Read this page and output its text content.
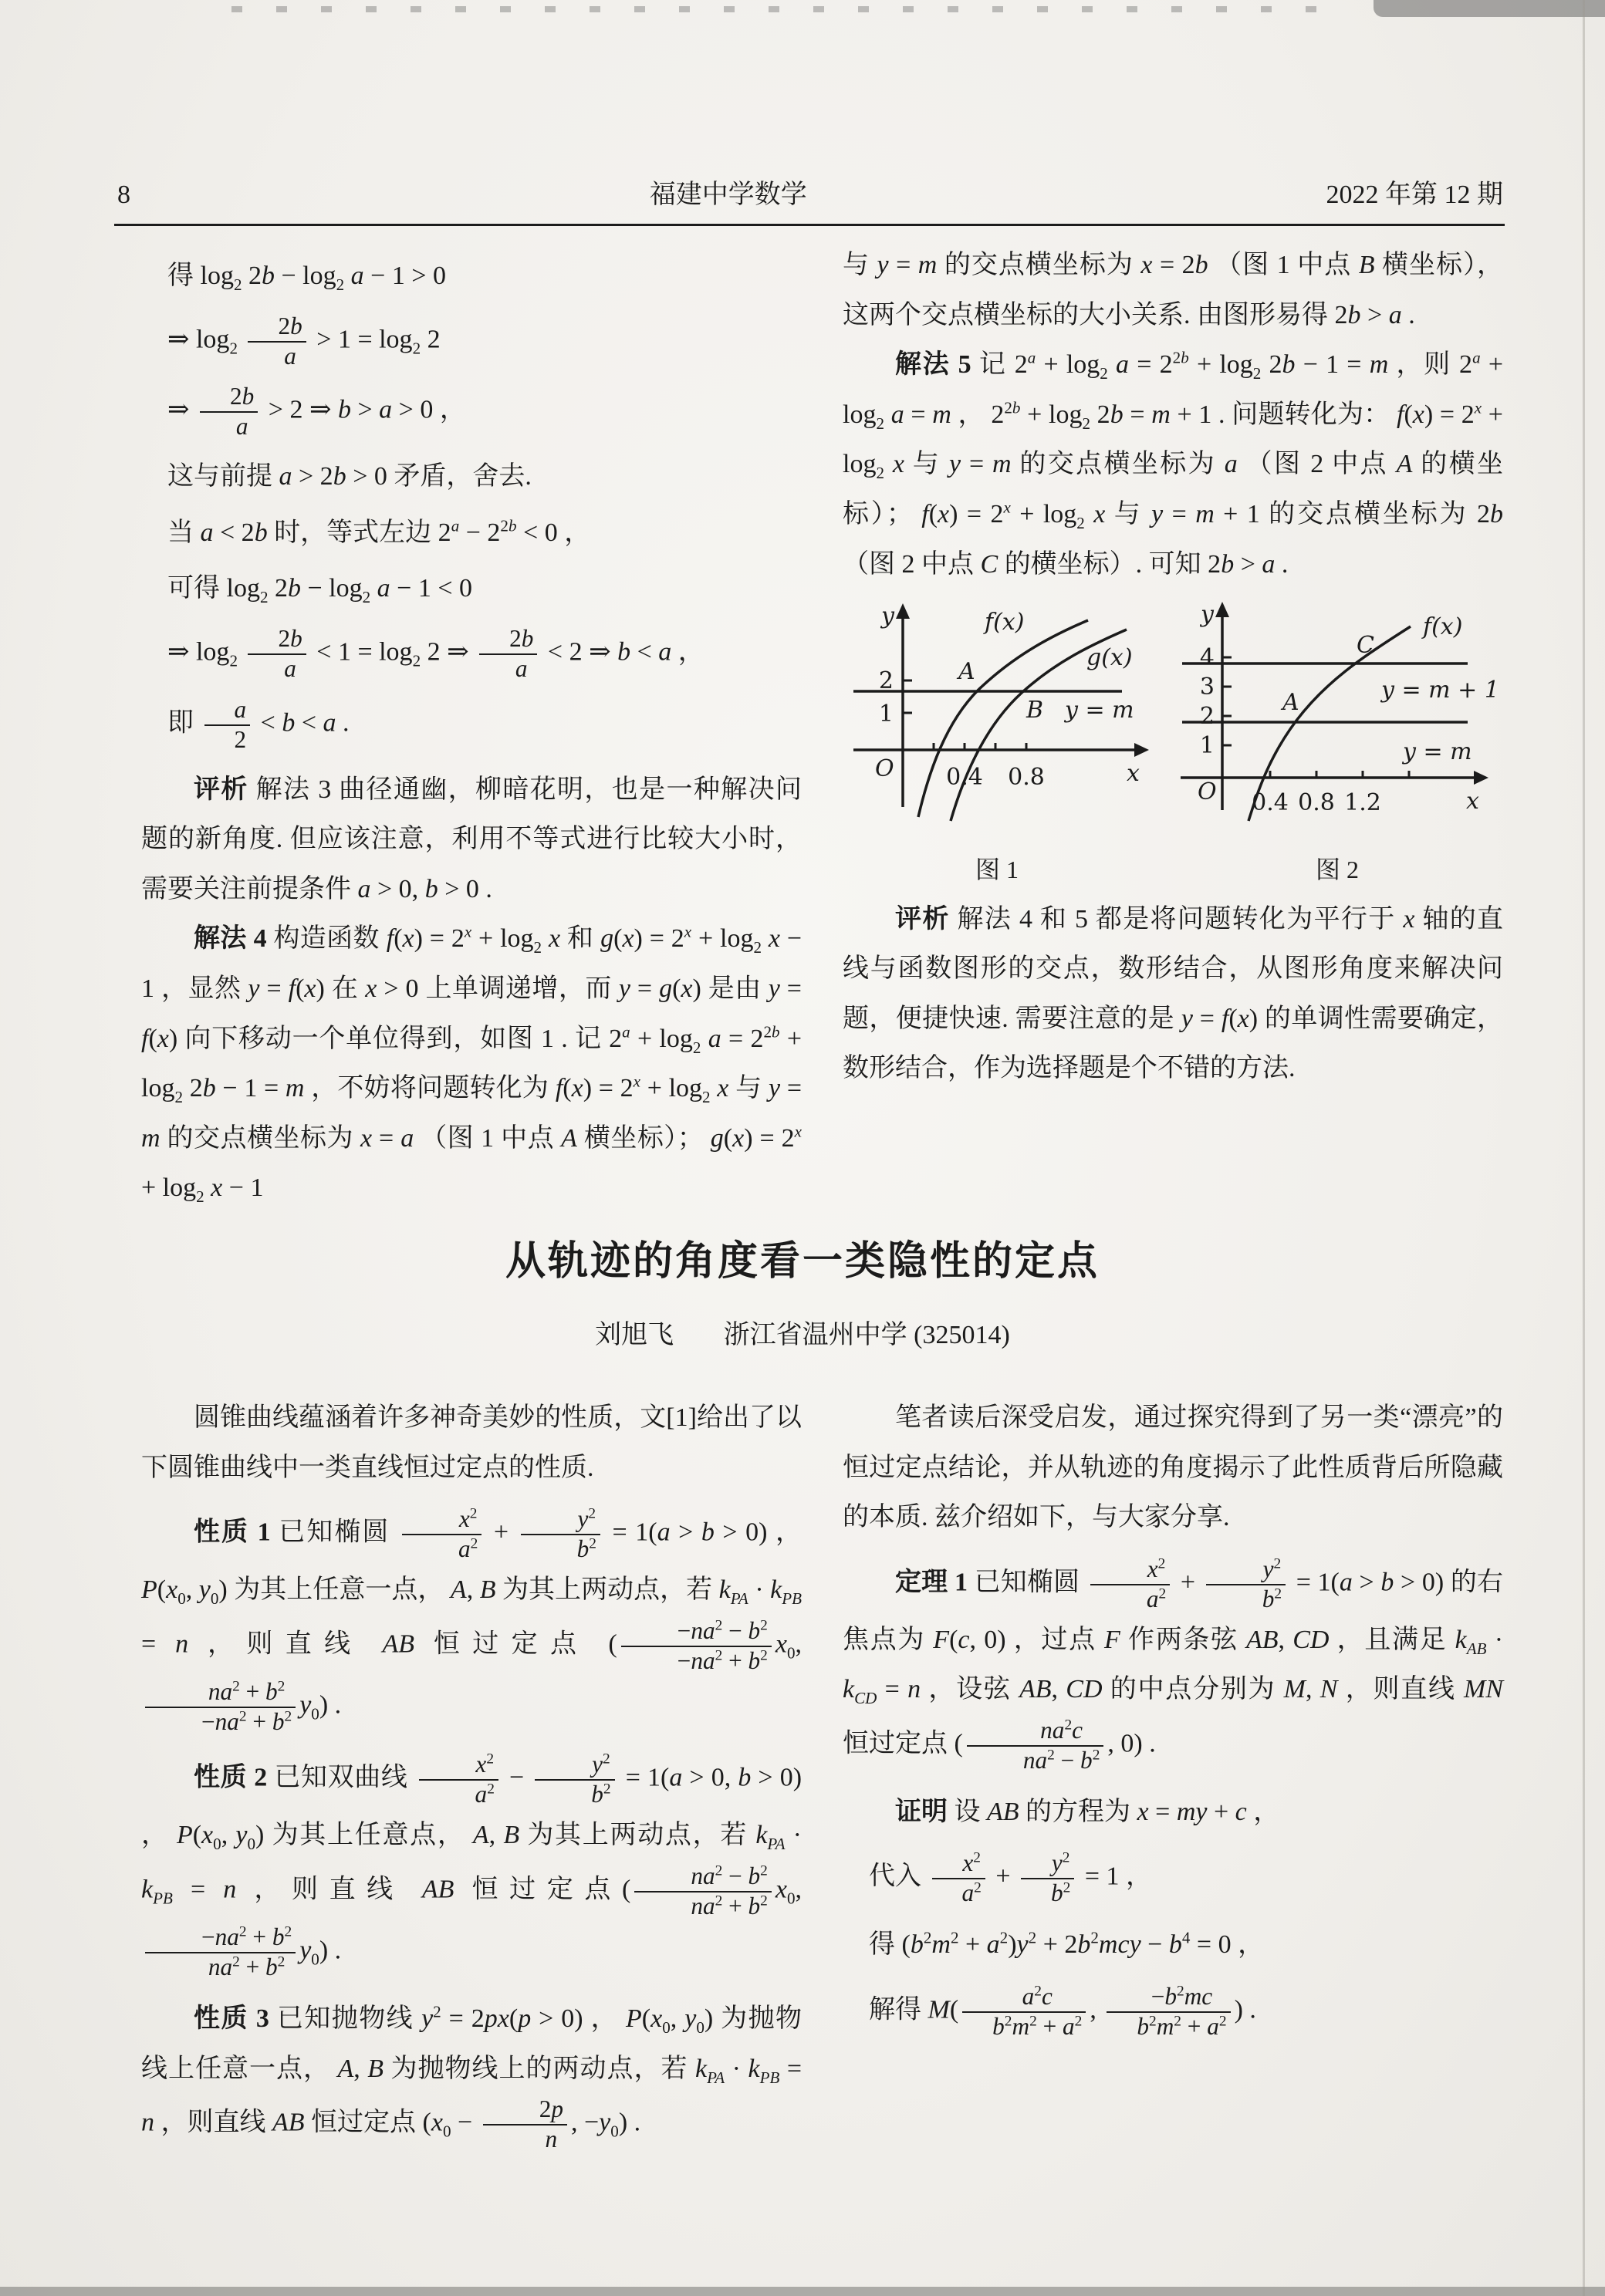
8	福建中学数学	2022 年第 12 期

得 $\log_2 2b - \log_2 a - 1 > 0$

⇒ $\log_2 \frac{2b}{a} > 1 = \log_2 2$

⇒ $\frac{2b}{a} > 2$ ⇒ b > a > 0 ，

这与前提 a > 2b > 0 矛盾，舍去.

当 a < 2b 时，等式左边 $2^a - 2^{2b} < 0$ ，

可得 $\log_2 2b - \log_2 a - 1 < 0$

⇒ $\log_2 \frac{2b}{a} < 1 = \log_2 2$ ⇒ $\frac{2b}{a} < 2$ ⇒ b < a ，

即 $\frac{a}{2} < b < a$ .

评析 解法 3 曲径通幽，柳暗花明，也是一种解决问题的新角度. 但应该注意，利用不等式进行比较大小时，需要关注前提条件 a > 0, b > 0 .

解法 4 构造函数 $f(x) = 2^x + \log_2 x$ 和 $g(x) = 2^x + \log_2 x - 1$ ，显然 y = f(x) 在 x > 0 上单调递增，而 y = g(x) 是由 y = f(x) 向下移动一个单位得到，如图 1 . 记 $2^a + \log_2 a = 2^{2b} + \log_2 2b - 1 = m$ ，不妨将问题转化为 $f(x) = 2^x + \log_2 x$ 与 y = m 的交点横坐标为 x = a （图 1 中点 A 横坐标）； $g(x) = 2^x + \log_2 x - 1$

与 y = m 的交点横坐标为 x = 2b （图 1 中点 B 横坐标），这两个交点横坐标的大小关系. 由图形易得 2b > a .

解法 5 记 $2^a + \log_2 a = 2^{2b} + \log_2 2b - 1 = m$ ，则 $2^a + \log_2 a = m$ ， $2^{2b} + \log_2 2b = m + 1$ . 问题转化为： $f(x) = 2^x + \log_2 x$ 与 y = m 的交点横坐标为 a （图 2 中点 A 的横坐标）； $f(x) = 2^x + \log_2 x$ 与 y = m + 1 的交点横坐标为 2b （图 2 中点 C 的横坐标）. 可知 2b > a .

y
2
1
O 0.4 0.8	x
f(x)
g(x)
A
B y = m
图 1
y
4
3
2
1
O 0.4 0.8 1.2	x
f(x)
C
A	y = m + 1
y = m
图 2

评析 解法 4 和 5 都是将问题转化为平行于 x 轴的直线与函数图形的交点，数形结合，从图形角度来解决问题，便捷快速. 需要注意的是 y = f(x) 的单调性需要确定，数形结合，作为选择题是个不错的方法.

从轨迹的角度看一类隐性的定点
刘旭飞 浙江省温州中学 (325014)

圆锥曲线蕴涵着许多神奇美妙的性质，文[1]给出了以下圆锥曲线中一类直线恒过定点的性质.

性质 1 已知椭圆 $\frac{x^2}{a^2} + \frac{y^2}{b^2} = 1(a > b > 0)$ ， $P(x_0$, $y_0$) 为其上任意一点， A, B 为其上两动点，若 $k_{PA} \cdot k_{PB} = n$ ，则直线 AB 恒过定点 ( $\frac{-na^2 - b^2}{-na^2 + b^2} x_0$,
$\frac{na^2 + b^2}{-na^2 + b^2} y_0$) .

性质 2 已知双曲线 $\frac{x^2}{a^2} - \frac{y^2}{b^2} = 1(a > 0$, b > 0) ， $P(x_0$, $y_0$) 为其上任意点， A, B 为其上两动点，若 $k_{PA} \cdot k_{PB} = n$ ，则直线 AB 恒过定点( $\frac{na^2 - b^2}{na^2 + b^2} x_0$,
$\frac{-na^2 + b^2}{na^2 + b^2} y_0$) .

性质 3 已知抛物线 $y^2 = 2px(p > 0)$ ， $P(x_0$, $y_0$) 为抛物线上任意一点， A, B 为抛物线上的两动点，若 $k_{PA} \cdot k_{PB} = n$ ，则直线 AB 恒过定点 ($x_0 - \frac{2p}{n}$ , $-y_0$) .

笔者读后深受启发，通过探究得到了另一类“漂亮”的恒过定点结论，并从轨迹的角度揭示了此性质背后所隐藏的本质. 兹介绍如下，与大家分享.

定理 1 已知椭圆 $\frac{x^2}{a^2} + \frac{y^2}{b^2} = 1(a > b > 0)$ 的右焦点为 F(c, 0) ，过点 F 作两条弦 AB, CD ，且满足 $k_{AB} \cdot k_{CD} = n$ ，设弦 AB, CD 的中点分别为 M, N ，则直线 MN 恒过定点 ( $\frac{na^2c}{na^2 - b^2}$ , 0) .

证明 设 AB 的方程为 x = my + c ，

代入 $\frac{x^2}{a^2} + \frac{y^2}{b^2} = 1$ ，

得 $(b^2m^2 + a^2)y^2 + 2b^2mcy - b^4 = 0$ ，

解得 $M( \frac{a^2c}{b^2m^2 + a^2}$ , $\frac{-b^2mc}{b^2m^2 + a^2}$ ) .
